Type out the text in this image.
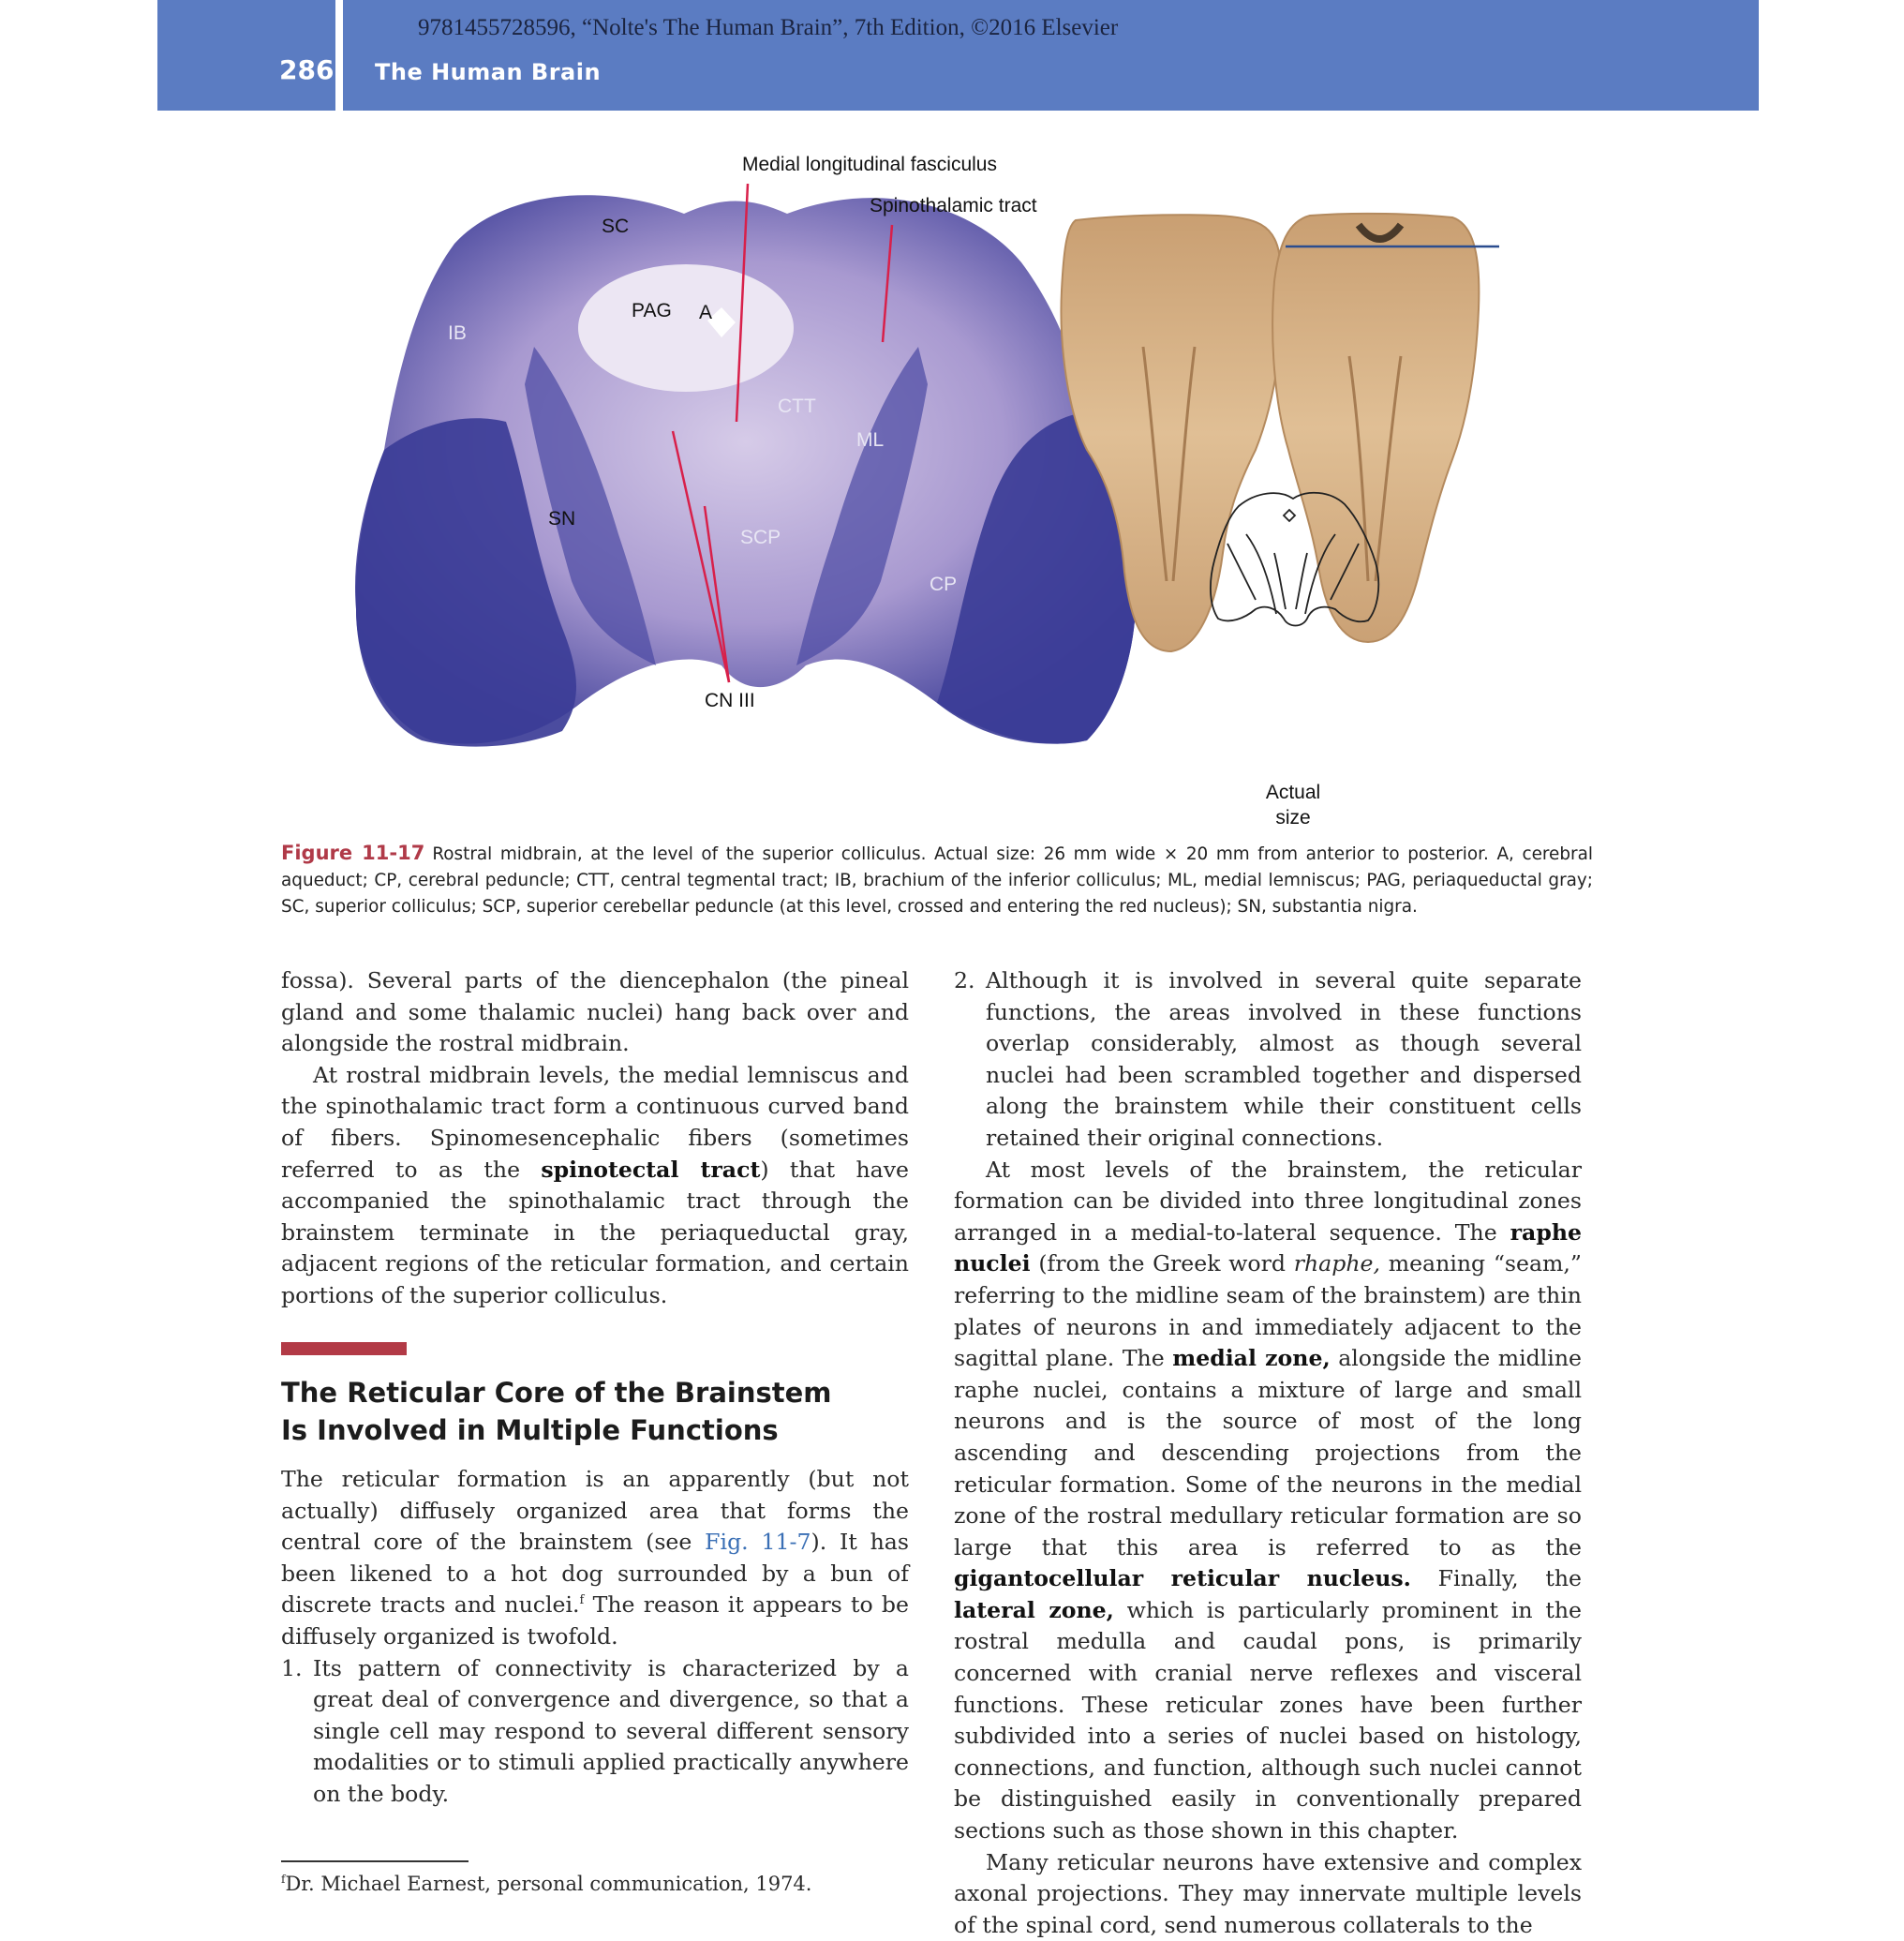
9781455728596, “Nolte's The Human Brain”, 7th Edition, ©2016 Elsevier
286 The Human Brain
Medial longitudinal fasciculus
Spinothalamic tract
SC
PAG A
IB
CTT
ML
SN
SCP
CP
CN III
Actual
size
Figure 11-17 Rostral midbrain, at the level of the superior colliculus. Actual size: 26 mm wide × 20 mm from anterior to posterior. A, cerebral aqueduct; CP, cerebral peduncle; CTT, central tegmental tract; IB, brachium of the inferior colliculus; ML, medial lemniscus; PAG, periaqueductal gray; SC, superior colliculus; SCP, superior cerebellar peduncle (at this level, crossed and entering the red nucleus); SN, substantia nigra.

fossa). Several parts of the diencephalon (the pineal gland and some thalamic nuclei) hang back over and alongside the rostral midbrain.

At rostral midbrain levels, the medial lemniscus and the spinothalamic tract form a continuous curved band of fibers. Spinomesencephalic fibers (sometimes referred to as the spinotectal tract) that have accompanied the spinothalamic tract through the brainstem terminate in the periaqueductal gray, adjacent regions of the reticular formation, and certain portions of the superior colliculus.

The Reticular Core of the Brainstem
Is Involved in Multiple Functions

The reticular formation is an apparently (but not actually) diffusely organized area that forms the central core of the brainstem (see Fig. 11-7). It has been likened to a hot dog surrounded by a bun of discrete tracts and nuclei.$^f$ The reason it appears to be diffusely organized is twofold.

1. Its pattern of connectivity is characterized by a great deal of convergence and divergence, so that a single cell may respond to several different sensory modalities or to stimuli applied practically anywhere on the body.
$^f$Dr. Michael Earnest, personal communication, 1974.
2. Although it is involved in several quite separate functions, the areas involved in these functions overlap considerably, almost as though several nuclei had been scrambled together and dispersed along the brainstem while their constituent cells retained their original connections.

At most levels of the brainstem, the reticular formation can be divided into three longitudinal zones arranged in a medial-to-lateral sequence. The raphe nuclei (from the Greek word rhaphe, meaning “seam,” referring to the midline seam of the brainstem) are thin plates of neurons in and immediately adjacent to the sagittal plane. The medial zone, alongside the midline raphe nuclei, contains a mixture of large and small neurons and is the source of most of the long ascending and descending projections from the reticular formation. Some of the neurons in the medial zone of the rostral medullary reticular formation are so large that this area is referred to as the gigantocellular reticular nucleus. Finally, the lateral zone, which is particularly prominent in the rostral medulla and caudal pons, is primarily concerned with cranial nerve reflexes and visceral functions. These reticular zones have been further subdivided into a series of nuclei based on histology, connections, and function, although such nuclei cannot be distinguished easily in conventionally prepared sections such as those shown in this chapter.

Many reticular neurons have extensive and complex axonal projections. They may innervate multiple levels of the spinal cord, send numerous collaterals to the
